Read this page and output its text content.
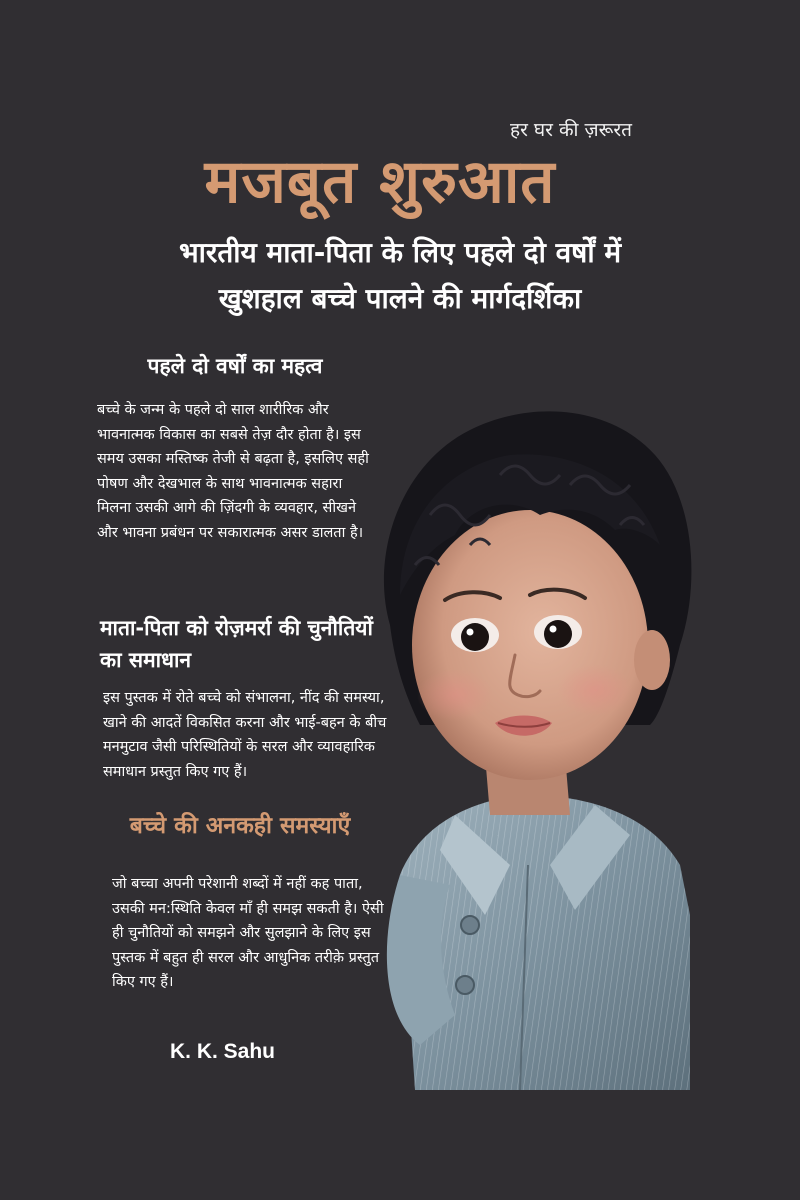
हर घर की ज़रूरत
मजबूत शुरुआत
भारतीय माता-पिता के लिए पहले दो वर्षों में
खुशहाल बच्चे पालने की मार्गदर्शिका
पहले दो वर्षों का महत्व
बच्चे के जन्म के पहले दो साल शारीरिक और भावनात्मक विकास का सबसे तेज़ दौर होता है। इस समय उसका मस्तिष्क तेजी से बढ़ता है, इसलिए सही पोषण और देखभाल के साथ भावनात्मक सहारा मिलना उसकी आगे की ज़िंदगी के व्यवहार, सीखने और भावना प्रबंधन पर सकारात्मक असर डालता है।
माता-पिता को रोज़मर्रा की चुनौतियों का समाधान
इस पुस्तक में रोते बच्चे को संभालना, नींद की समस्या, खाने की आदतें विकसित करना और भाई-बहन के बीच मनमुटाव जैसी परिस्थितियों के सरल और व्यावहारिक समाधान प्रस्तुत किए गए हैं।
बच्चे की अनकही समस्याएँ
जो बच्चा अपनी परेशानी शब्दों में नहीं कह पाता, उसकी मन:स्थिति केवल माँ ही समझ सकती है। ऐसी ही चुनौतियों को समझने और सुलझाने के लिए इस पुस्तक में बहुत ही सरल और आधुनिक तरीक़े प्रस्तुत किए गए हैं।
K. K. Sahu
